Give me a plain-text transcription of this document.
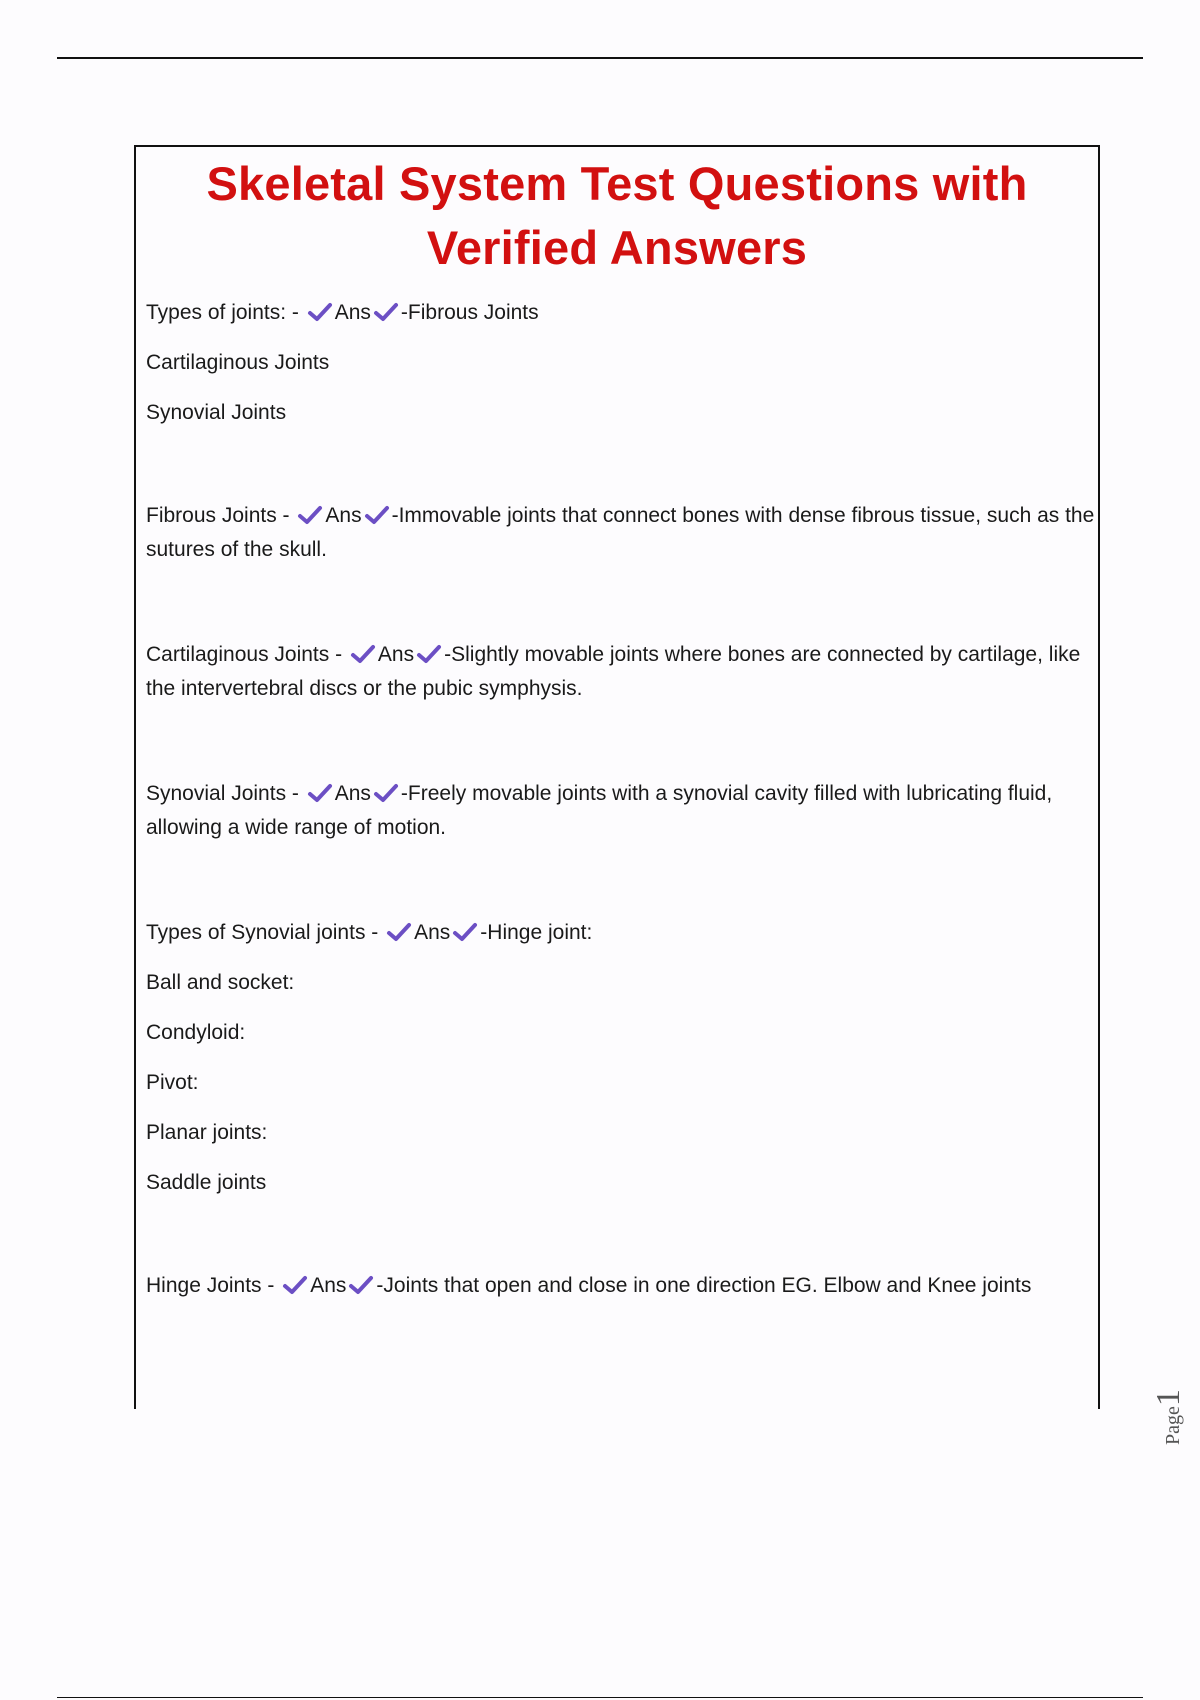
Skeletal System Test Questions with
Verified Answers
Types of joints: -
Ans -Fibrous Joints
Cartilaginous Joints
Synovial Joints
Fibrous Joints -
Ans -Immovable joints that connect bones with dense fibrous tissue, such as the sutures of the skull.
Cartilaginous Joints -
Ans -Slightly movable joints where bones are connected by cartilage, like the intervertebral discs or the pubic symphysis.
Synovial Joints -
Ans -Freely movable joints with a synovial cavity filled with lubricating fluid, allowing a wide range of motion.
Types of Synovial joints -
Ans -Hinge joint:
Ball and socket:
Condyloid:
Pivot:
Planar joints:
Saddle joints
Hinge Joints -
Ans -Joints that open and close in one direction EG. Elbow and Knee joints
Page1
